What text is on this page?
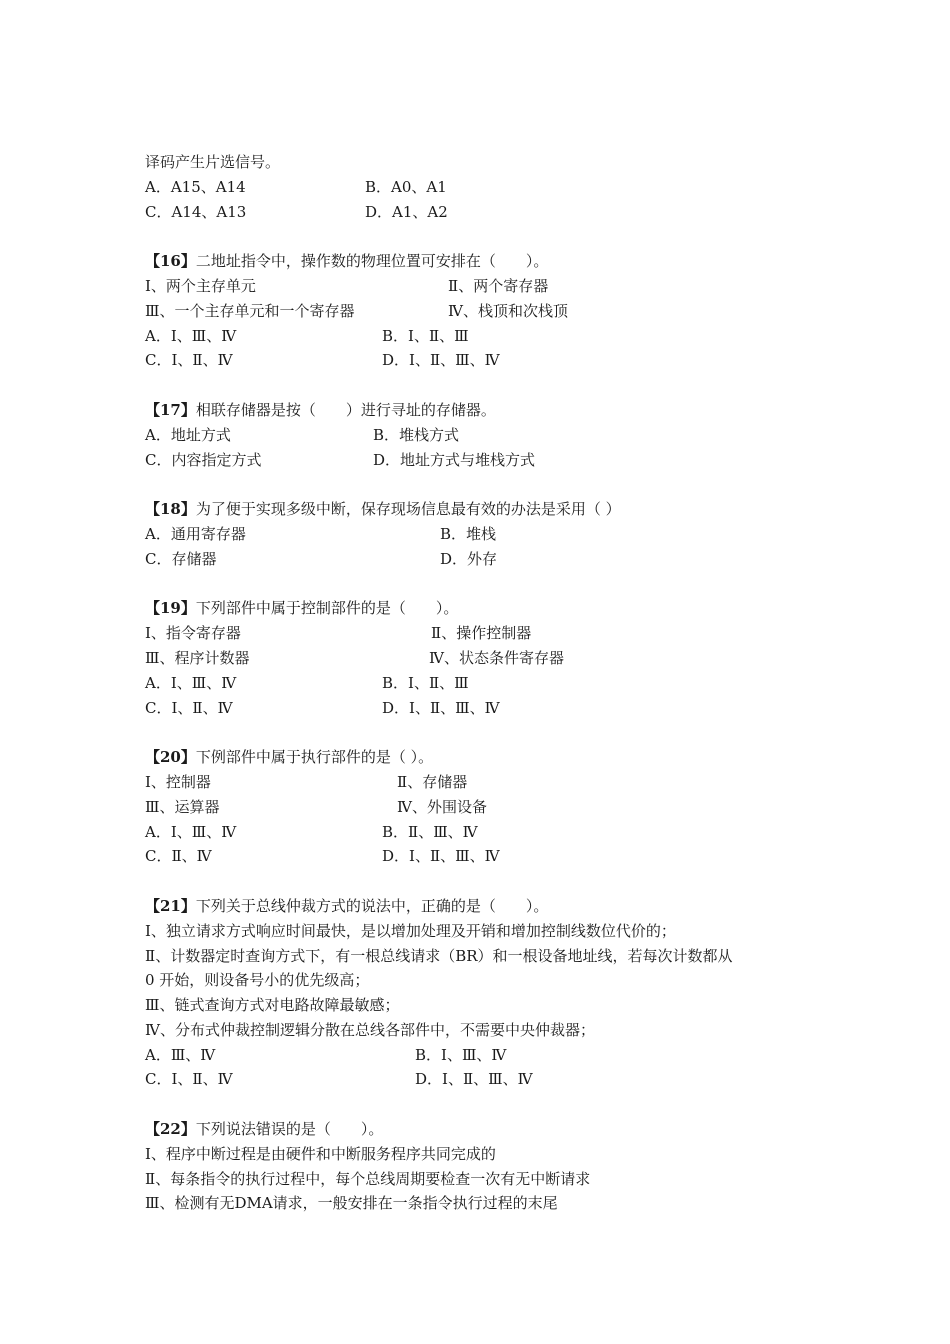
译码产生片选信号。
A．A15、A14	B．A0、A1
C．A14、A13	D．A1、A2
【16】二地址指令中，操作数的物理位置可安排在（　　）。
Ⅰ、两个主存单元	Ⅱ、两个寄存器
Ⅲ、一个主存单元和一个寄存器	Ⅳ、栈顶和次栈顶
A．Ⅰ、Ⅲ、Ⅳ	B．Ⅰ、Ⅱ、Ⅲ
C．Ⅰ、Ⅱ、Ⅳ	D．Ⅰ、Ⅱ、Ⅲ、Ⅳ
【17】相联存储器是按（　　）进行寻址的存储器。
A．地址方式	B．堆栈方式
C．内容指定方式	D．地址方式与堆栈方式
【18】为了便于实现多级中断，保存现场信息最有效的办法是采用（ ）
A．通用寄存器	B．堆栈
C．存储器	D．外存
【19】下列部件中属于控制部件的是（　　）。
Ⅰ、指令寄存器	Ⅱ、操作控制器
Ⅲ、程序计数器	Ⅳ、状态条件寄存器
A．Ⅰ、Ⅲ、Ⅳ	B．Ⅰ、Ⅱ、Ⅲ
C．Ⅰ、Ⅱ、Ⅳ	D．Ⅰ、Ⅱ、Ⅲ、Ⅳ
【20】下例部件中属于执行部件的是（ ）。
Ⅰ、控制器	Ⅱ、存储器
Ⅲ、运算器	Ⅳ、外围设备
A．Ⅰ、Ⅲ、Ⅳ	B．Ⅱ、Ⅲ、Ⅳ
C．Ⅱ、Ⅳ	D．Ⅰ、Ⅱ、Ⅲ、Ⅳ
【21】下列关于总线仲裁方式的说法中，正确的是（　　）。
Ⅰ、独立请求方式响应时间最快，是以增加处理及开销和增加控制线数位代价的；
Ⅱ、计数器定时查询方式下，有一根总线请求（BR）和一根设备地址线，若每次计数都从
0 开始，则设备号小的优先级高；
Ⅲ、链式查询方式对电路故障最敏感；
Ⅳ、分布式仲裁控制逻辑分散在总线各部件中，不需要中央仲裁器；
A．Ⅲ、Ⅳ	B．Ⅰ、Ⅲ、Ⅳ
C．Ⅰ、Ⅱ、Ⅳ	D．Ⅰ、Ⅱ、Ⅲ、Ⅳ
【22】下列说法错误的是（　　）。
Ⅰ、程序中断过程是由硬件和中断服务程序共同完成的
Ⅱ、每条指令的执行过程中，每个总线周期要检查一次有无中断请求
Ⅲ、检测有无DMA请求，一般安排在一条指令执行过程的末尾
